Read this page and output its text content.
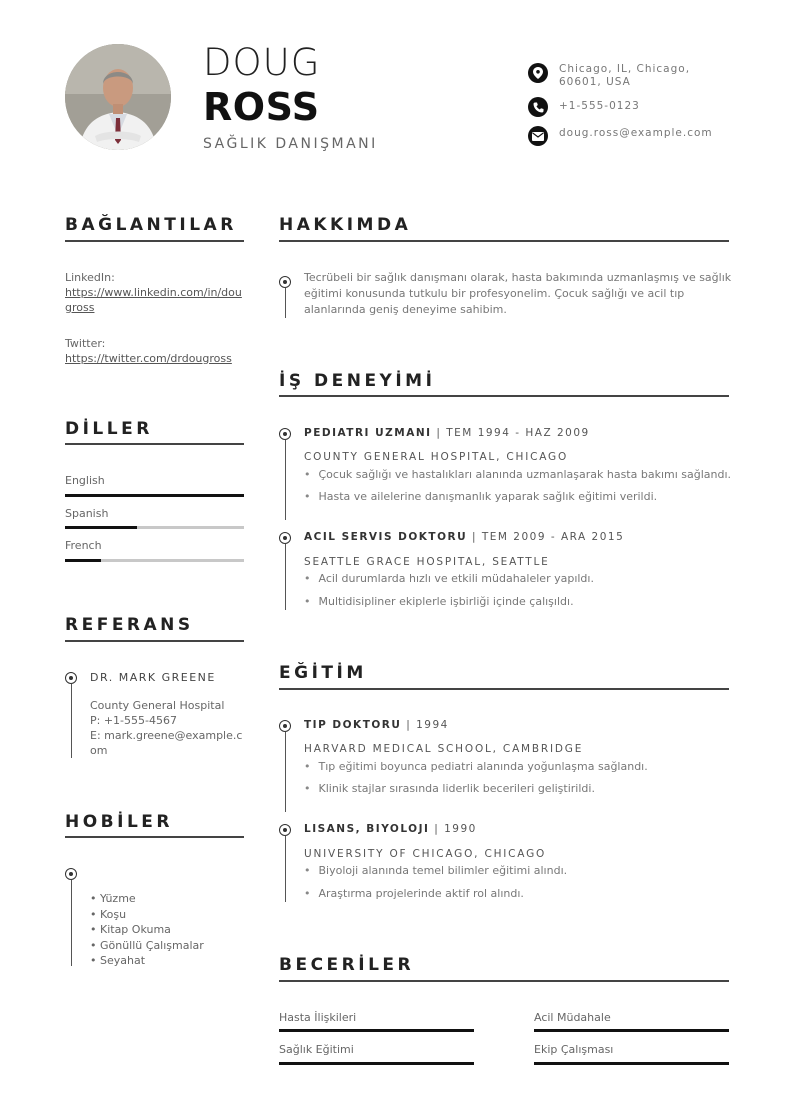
DOUG
ROSS
SAĞLIK DANIŞMANI
Chicago, IL, Chicago, 60601, USA
+1-555-0123
doug.ross@example.com
BAĞLANTILAR
LinkedIn:
https://www.linkedin.com/in/dougross
Twitter:
https://twitter.com/drdougross
DİLLER
English
Spanish
French
REFERANS
DR. MARK GREENE
County General Hospital
P: +1-555-4567
E: mark.greene@example.com
HOBİLER
• Yüzme
• Koşu
• Kitap Okuma
• Gönüllü Çalışmalar
• Seyahat
HAKKIMDA
Tecrübeli bir sağlık danışmanı olarak, hasta bakımında uzmanlaşmış ve sağlık eğitimi konusunda tutkulu bir profesyonelim. Çocuk sağlığı ve acil tıp alanlarında geniş deneyime sahibim.
İŞ DENEYİMİ
PEDIATRI UZMANI | TEM 1994 - HAZ 2009
COUNTY GENERAL HOSPITAL, CHICAGO
• Çocuk sağlığı ve hastalıkları alanında uzmanlaşarak hasta bakımı sağlandı.
• Hasta ve ailelerine danışmanlık yaparak sağlık eğitimi verildi.
ACIL SERVIS DOKTORU | TEM 2009 - ARA 2015
SEATTLE GRACE HOSPITAL, SEATTLE
• Acil durumlarda hızlı ve etkili müdahaleler yapıldı.
• Multidisipliner ekiplerle işbirliği içinde çalışıldı.
EĞİTİM
TIP DOKTORU | 1994
HARVARD MEDICAL SCHOOL, CAMBRIDGE
• Tıp eğitimi boyunca pediatri alanında yoğunlaşma sağlandı.
• Klinik stajlar sırasında liderlik becerileri geliştirildi.
LISANS, BIYOLOJI | 1990
UNIVERSITY OF CHICAGO, CHICAGO
• Biyoloji alanında temel bilimler eğitimi alındı.
• Araştırma projelerinde aktif rol alındı.
BECERİLER
Hasta İlişkileri	Acil Müdahale
Sağlık Eğitimi	Ekip Çalışması
